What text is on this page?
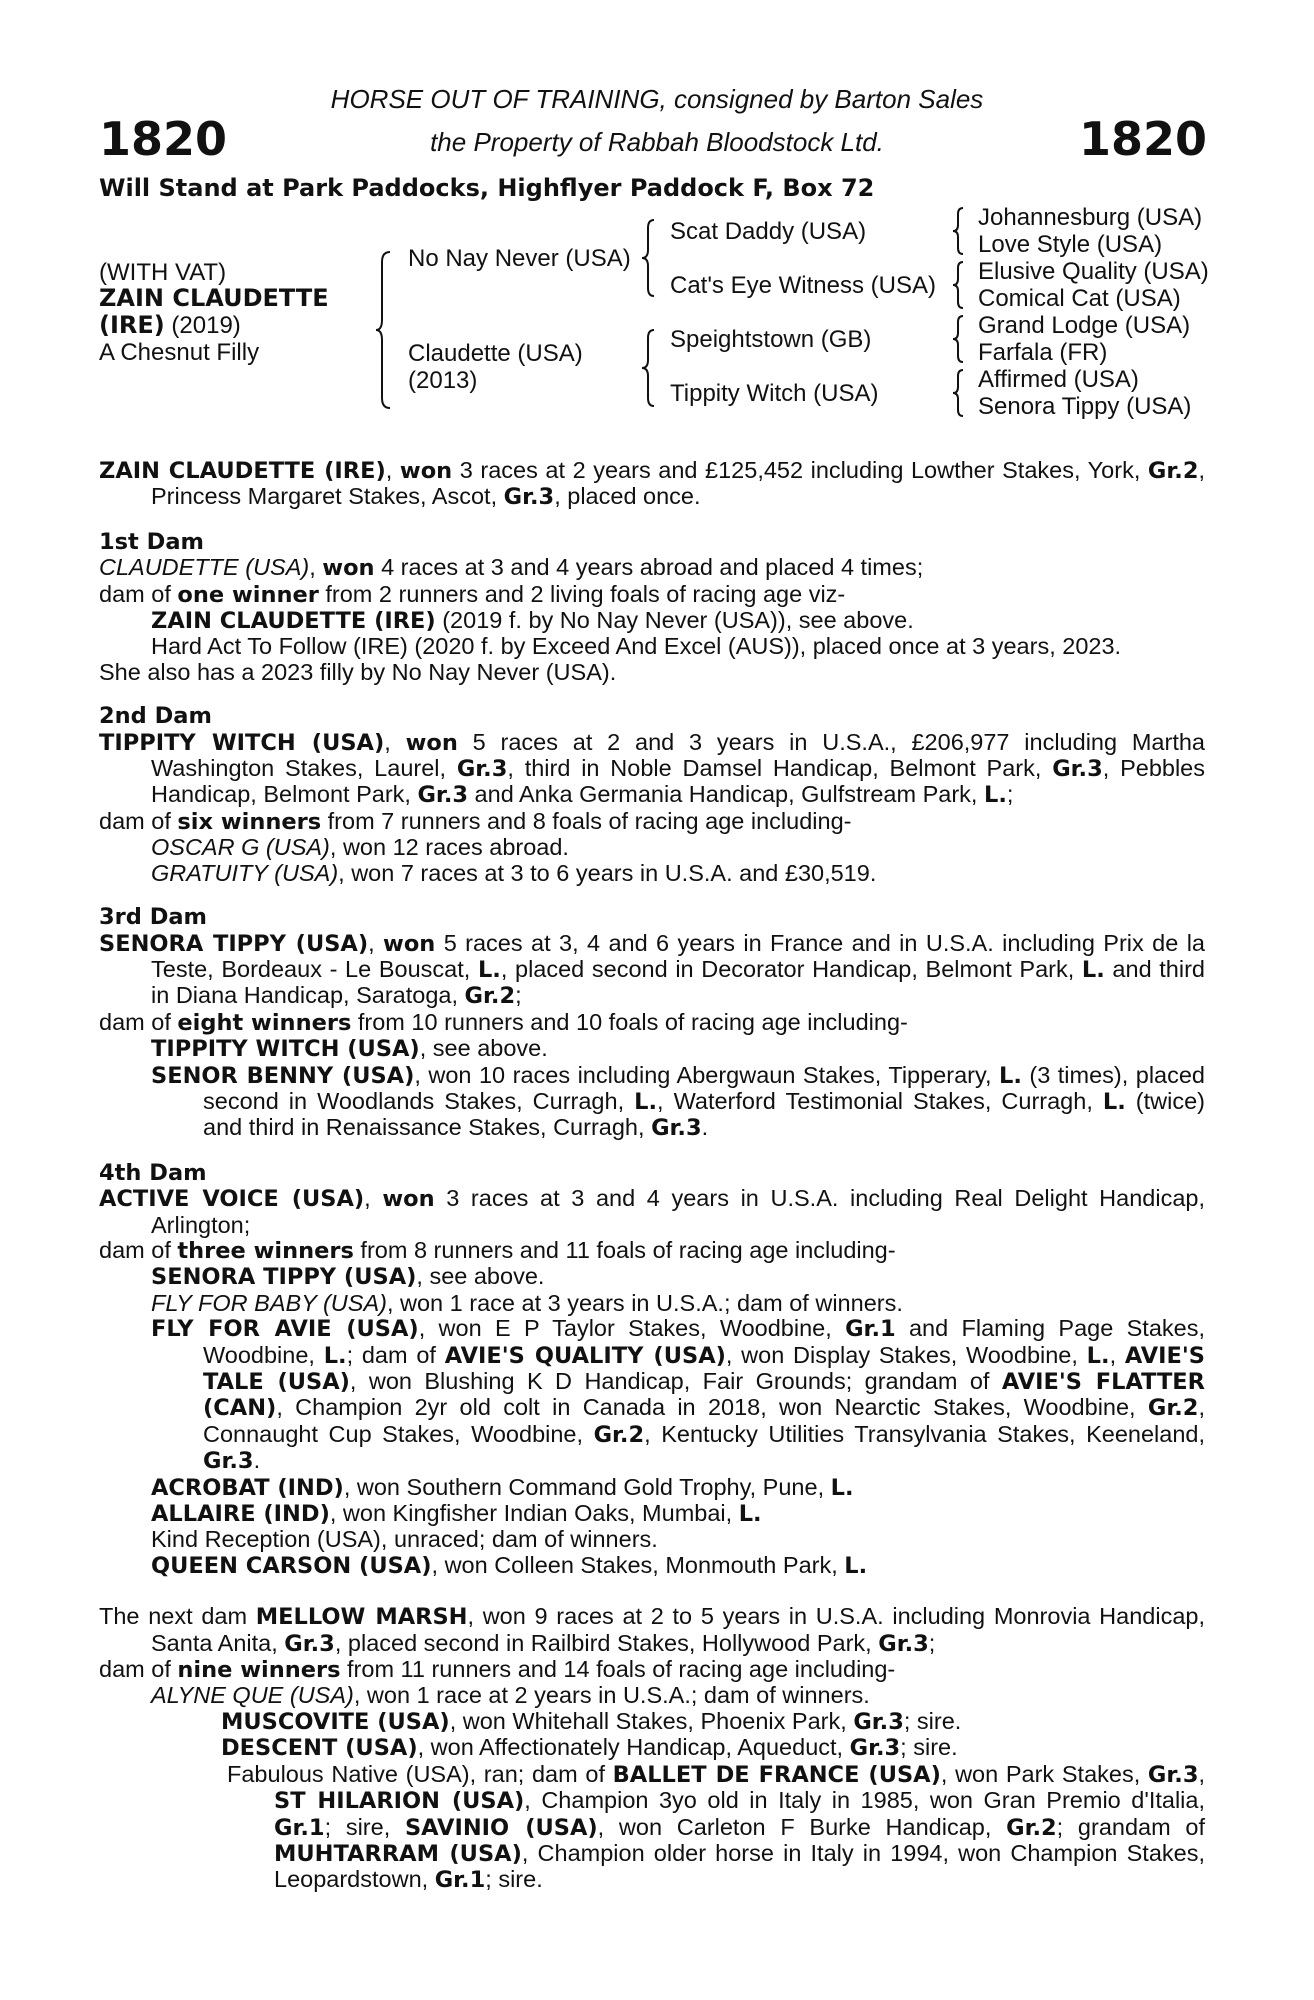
1820	1820
HORSE OUT OF TRAINING, consigned by Barton Sales
the Property of Rabbah Bloodstock Ltd.
Will Stand at Park Paddocks, Highflyer Paddock F, Box 72
(WITH VAT)
ZAIN CLAUDETTE
(IRE) (2019)
A Chesnut Filly
No Nay Never (USA)
Claudette (USA)
(2013)
Scat Daddy (USA)
Cat's Eye Witness (USA)
Speightstown (GB)
Tippity Witch (USA)
Johannesburg (USA)
Love Style (USA)
Elusive Quality (USA)
Comical Cat (USA)
Grand Lodge (USA)
Farfala (FR)
Affirmed (USA)
Senora Tippy (USA)
ZAIN CLAUDETTE (IRE), won 3 races at 2 years and £125,452 including Lowther Stakes, York, Gr.2, Princess Margaret Stakes, Ascot, Gr.3, placed once.
1st Dam
CLAUDETTE (USA), won 4 races at 3 and 4 years abroad and placed 4 times;
dam of one winner from 2 runners and 2 living foals of racing age viz-
ZAIN CLAUDETTE (IRE) (2019 f. by No Nay Never (USA)), see above.
Hard Act To Follow (IRE) (2020 f. by Exceed And Excel (AUS)), placed once at 3 years, 2023.
She also has a 2023 filly by No Nay Never (USA).
2nd Dam
TIPPITY WITCH (USA), won 5 races at 2 and 3 years in U.S.A., £206,977 including Martha Washington Stakes, Laurel, Gr.3, third in Noble Damsel Handicap, Belmont Park, Gr.3, Pebbles Handicap, Belmont Park, Gr.3 and Anka Germania Handicap, Gulfstream Park, L.;
dam of six winners from 7 runners and 8 foals of racing age including-
OSCAR G (USA), won 12 races abroad.
GRATUITY (USA), won 7 races at 3 to 6 years in U.S.A. and £30,519.
3rd Dam
SENORA TIPPY (USA), won 5 races at 3, 4 and 6 years in France and in U.S.A. including Prix de la Teste, Bordeaux - Le Bouscat, L., placed second in Decorator Handicap, Belmont Park, L. and third in Diana Handicap, Saratoga, Gr.2;
dam of eight winners from 10 runners and 10 foals of racing age including-
TIPPITY WITCH (USA), see above.
SENOR BENNY (USA), won 10 races including Abergwaun Stakes, Tipperary, L. (3 times), placed second in Woodlands Stakes, Curragh, L., Waterford Testimonial Stakes, Curragh, L. (twice) and third in Renaissance Stakes, Curragh, Gr.3.
4th Dam
ACTIVE VOICE (USA), won 3 races at 3 and 4 years in U.S.A. including Real Delight Handicap, Arlington;
dam of three winners from 8 runners and 11 foals of racing age including-
SENORA TIPPY (USA), see above.
FLY FOR BABY (USA), won 1 race at 3 years in U.S.A.; dam of winners.
FLY FOR AVIE (USA), won E P Taylor Stakes, Woodbine, Gr.1 and Flaming Page Stakes, Woodbine, L.; dam of AVIE'S QUALITY (USA), won Display Stakes, Woodbine, L., AVIE'S TALE (USA), won Blushing K D Handicap, Fair Grounds; grandam of AVIE'S FLATTER (CAN), Champion 2yr old colt in Canada in 2018, won Nearctic Stakes, Woodbine, Gr.2, Connaught Cup Stakes, Woodbine, Gr.2, Kentucky Utilities Transylvania Stakes, Keeneland, Gr.3.
ACROBAT (IND), won Southern Command Gold Trophy, Pune, L.
ALLAIRE (IND), won Kingfisher Indian Oaks, Mumbai, L.
Kind Reception (USA), unraced; dam of winners.
QUEEN CARSON (USA), won Colleen Stakes, Monmouth Park, L.
The next dam MELLOW MARSH, won 9 races at 2 to 5 years in U.S.A. including Monrovia Handicap, Santa Anita, Gr.3, placed second in Railbird Stakes, Hollywood Park, Gr.3;
dam of nine winners from 11 runners and 14 foals of racing age including-
ALYNE QUE (USA), won 1 race at 2 years in U.S.A.; dam of winners.
MUSCOVITE (USA), won Whitehall Stakes, Phoenix Park, Gr.3; sire.
DESCENT (USA), won Affectionately Handicap, Aqueduct, Gr.3; sire.
Fabulous Native (USA), ran; dam of BALLET DE FRANCE (USA), won Park Stakes, Gr.3, ST HILARION (USA), Champion 3yo old in Italy in 1985, won Gran Premio d'Italia, Gr.1; sire, SAVINIO (USA), won Carleton F Burke Handicap, Gr.2; grandam of MUHTARRAM (USA), Champion older horse in Italy in 1994, won Champion Stakes, Leopardstown, Gr.1; sire.
